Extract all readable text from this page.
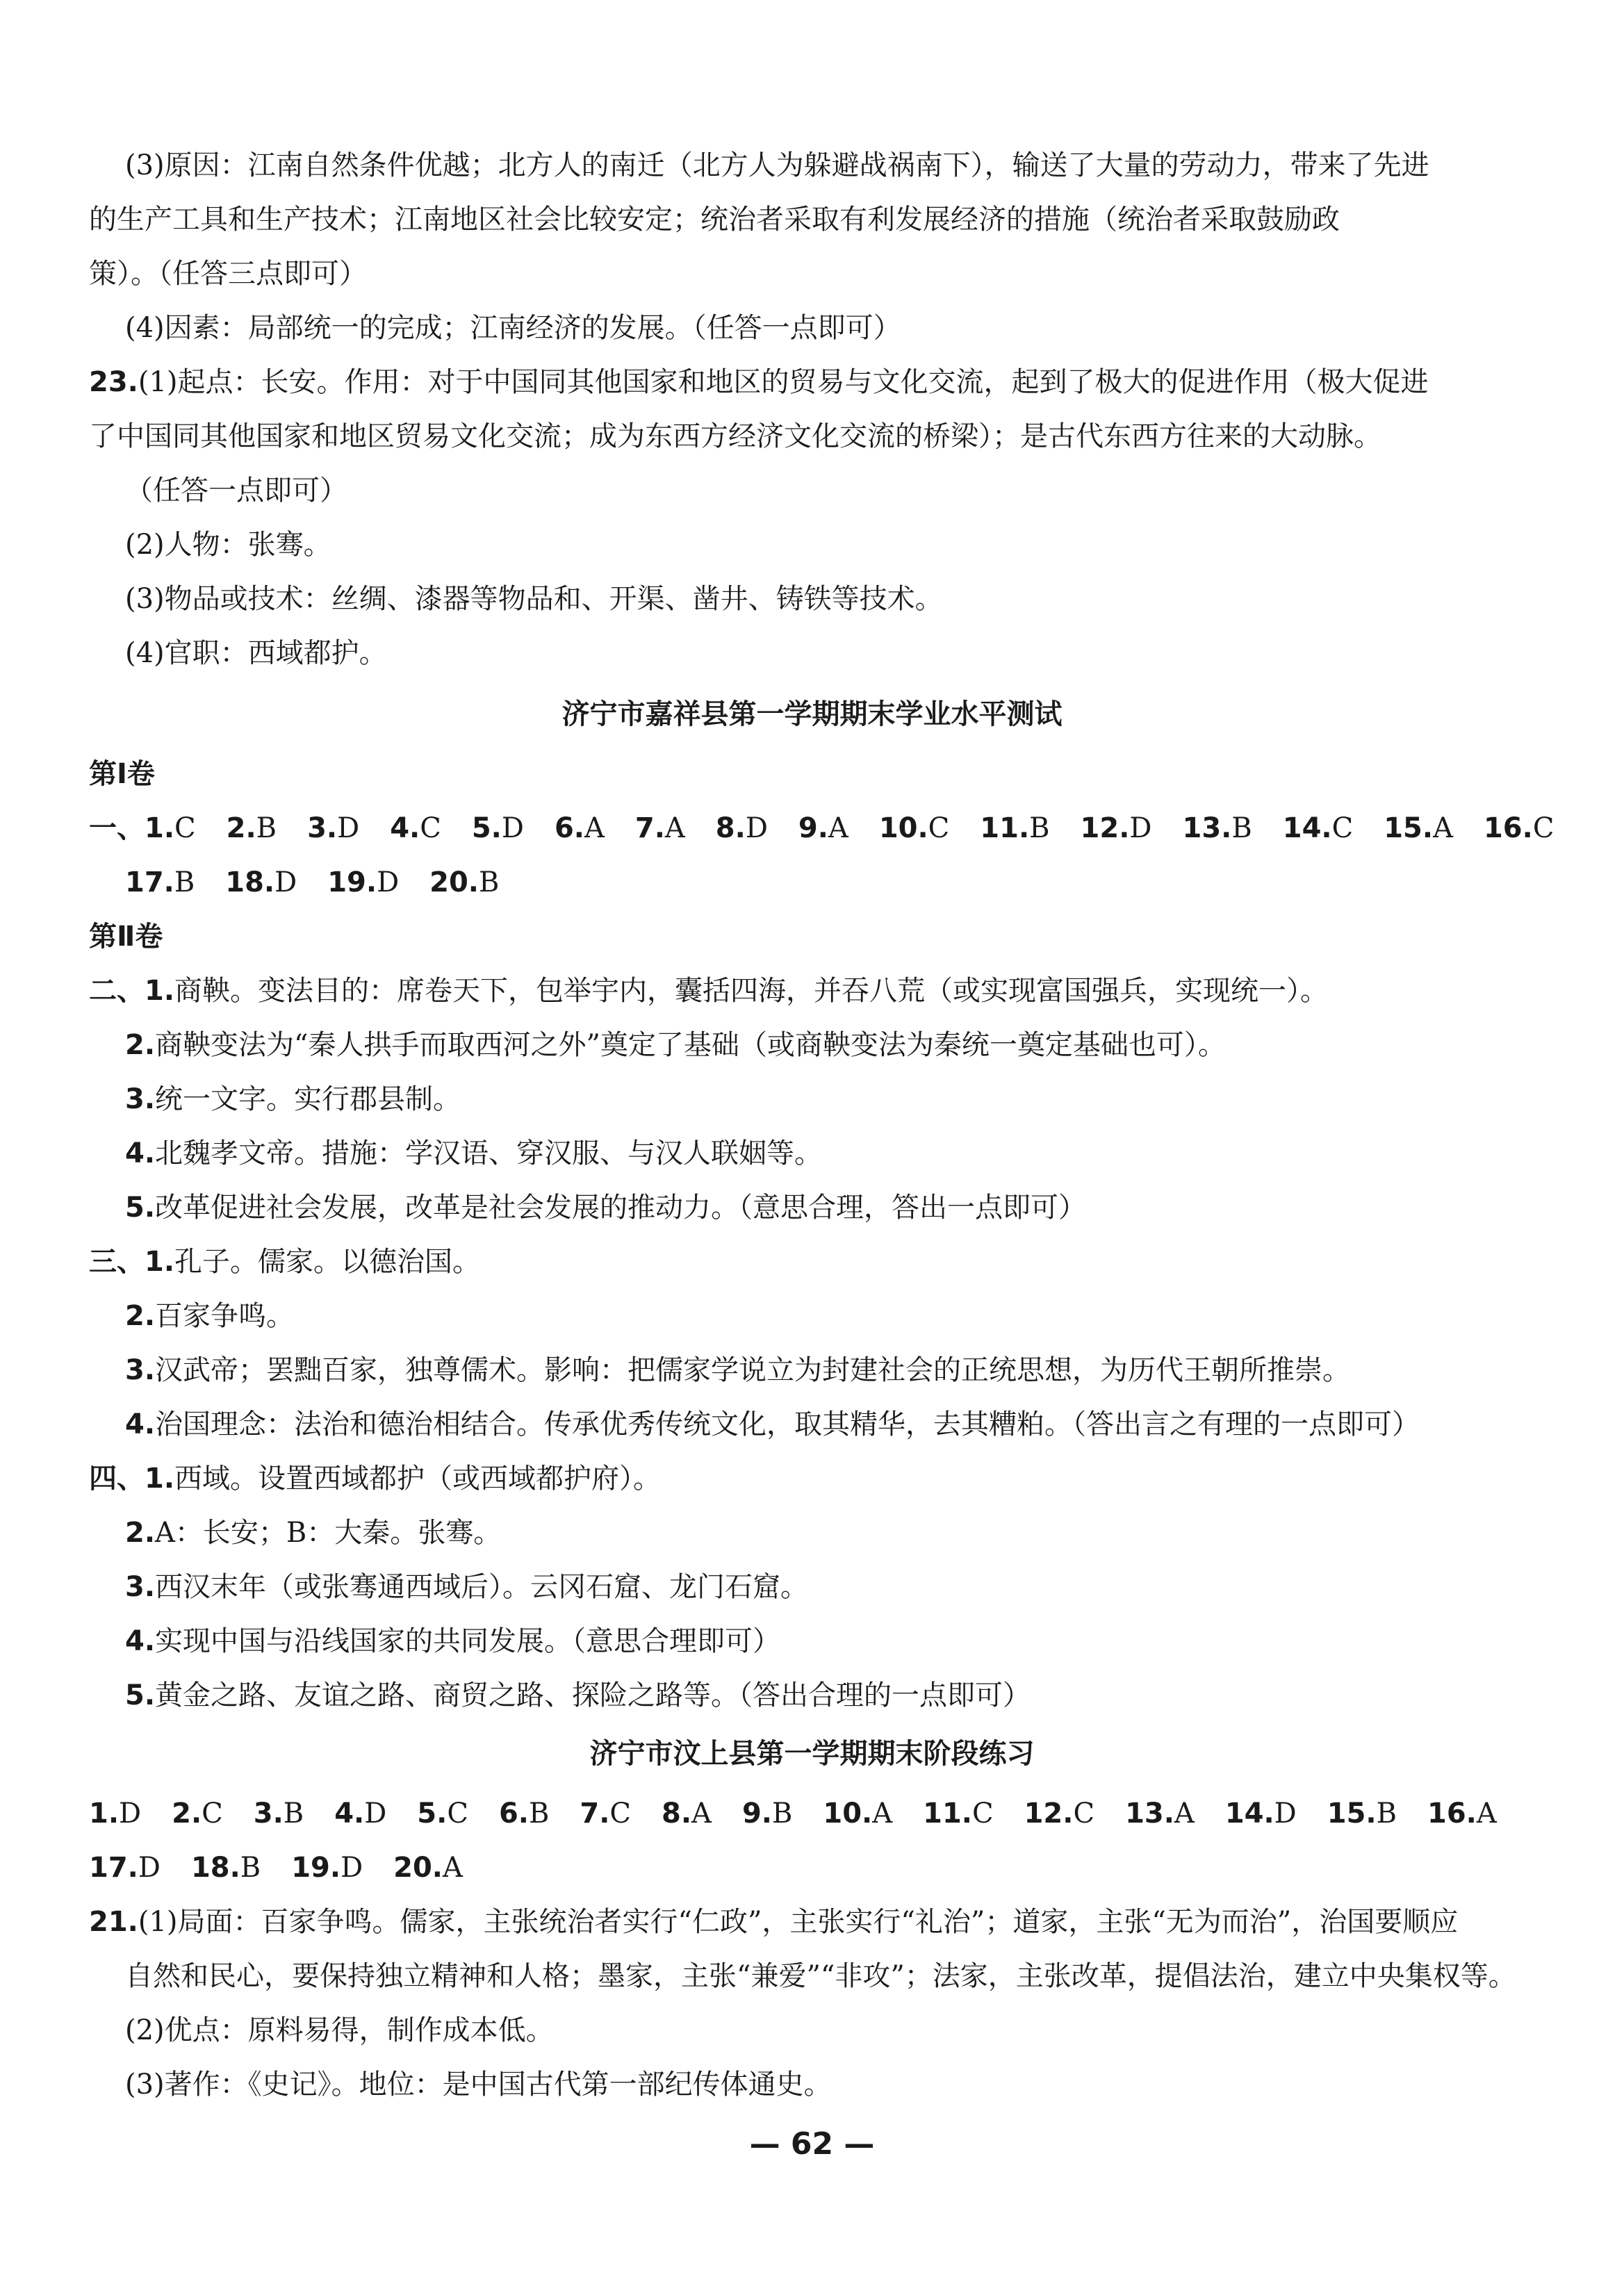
(3)原因：江南自然条件优越；北方人的南迁（北方人为躲避战祸南下），输送了大量的劳动力，带来了先进
的生产工具和生产技术；江南地区社会比较安定；统治者采取有利发展经济的措施（统治者采取鼓励政
策）。（任答三点即可）
(4)因素：局部统一的完成；江南经济的发展。（任答一点即可）
23.(1)起点：长安。作用：对于中国同其他国家和地区的贸易与文化交流，起到了极大的促进作用（极大促进
了中国同其他国家和地区贸易文化交流；成为东西方经济文化交流的桥梁）；是古代东西方往来的大动脉。
（任答一点即可）
(2)人物：张骞。
(3)物品或技术：丝绸、漆器等物品和、开渠、凿井、铸铁等技术。
(4)官职：西域都护。
济宁市嘉祥县第一学期期末学业水平测试
第Ⅰ卷
一、1.C 2.B 3.D 4.C 5.D 6.A 7.A 8.D 9.A 10.C 11.B 12.D 13.B 14.C 15.A 16.C
17.B 18.D 19.D 20.B
第Ⅱ卷
二、1.商鞅。变法目的：席卷天下，包举宇内，囊括四海，并吞八荒（或实现富国强兵，实现统一）。
2.商鞅变法为“秦人拱手而取西河之外”奠定了基础（或商鞅变法为秦统一奠定基础也可）。
3.统一文字。实行郡县制。
4.北魏孝文帝。措施：学汉语、穿汉服、与汉人联姻等。
5.改革促进社会发展，改革是社会发展的推动力。（意思合理，答出一点即可）
三、1.孔子。儒家。以德治国。
2.百家争鸣。
3.汉武帝；罢黜百家，独尊儒术。影响：把儒家学说立为封建社会的正统思想，为历代王朝所推崇。
4.治国理念：法治和德治相结合。传承优秀传统文化，取其精华，去其糟粕。（答出言之有理的一点即可）
四、1.西域。设置西域都护（或西域都护府）。
2.A：长安；B：大秦。张骞。
3.西汉末年（或张骞通西域后）。云冈石窟、龙门石窟。
4.实现中国与沿线国家的共同发展。（意思合理即可）
5.黄金之路、友谊之路、商贸之路、探险之路等。（答出合理的一点即可）
济宁市汶上县第一学期期末阶段练习
1.D 2.C 3.B 4.D 5.C 6.B 7.C 8.A 9.B 10.A 11.C 12.C 13.A 14.D 15.B 16.A
17.D 18.B 19.D 20.A
21.(1)局面：百家争鸣。儒家，主张统治者实行“仁政”，主张实行“礼治”；道家，主张“无为而治”，治国要顺应
自然和民心，要保持独立精神和人格；墨家，主张“兼爱”“非攻”；法家，主张改革，提倡法治，建立中央集权等。
(2)优点：原料易得，制作成本低。
(3)著作：《史记》。地位：是中国古代第一部纪传体通史。
— 62 —
